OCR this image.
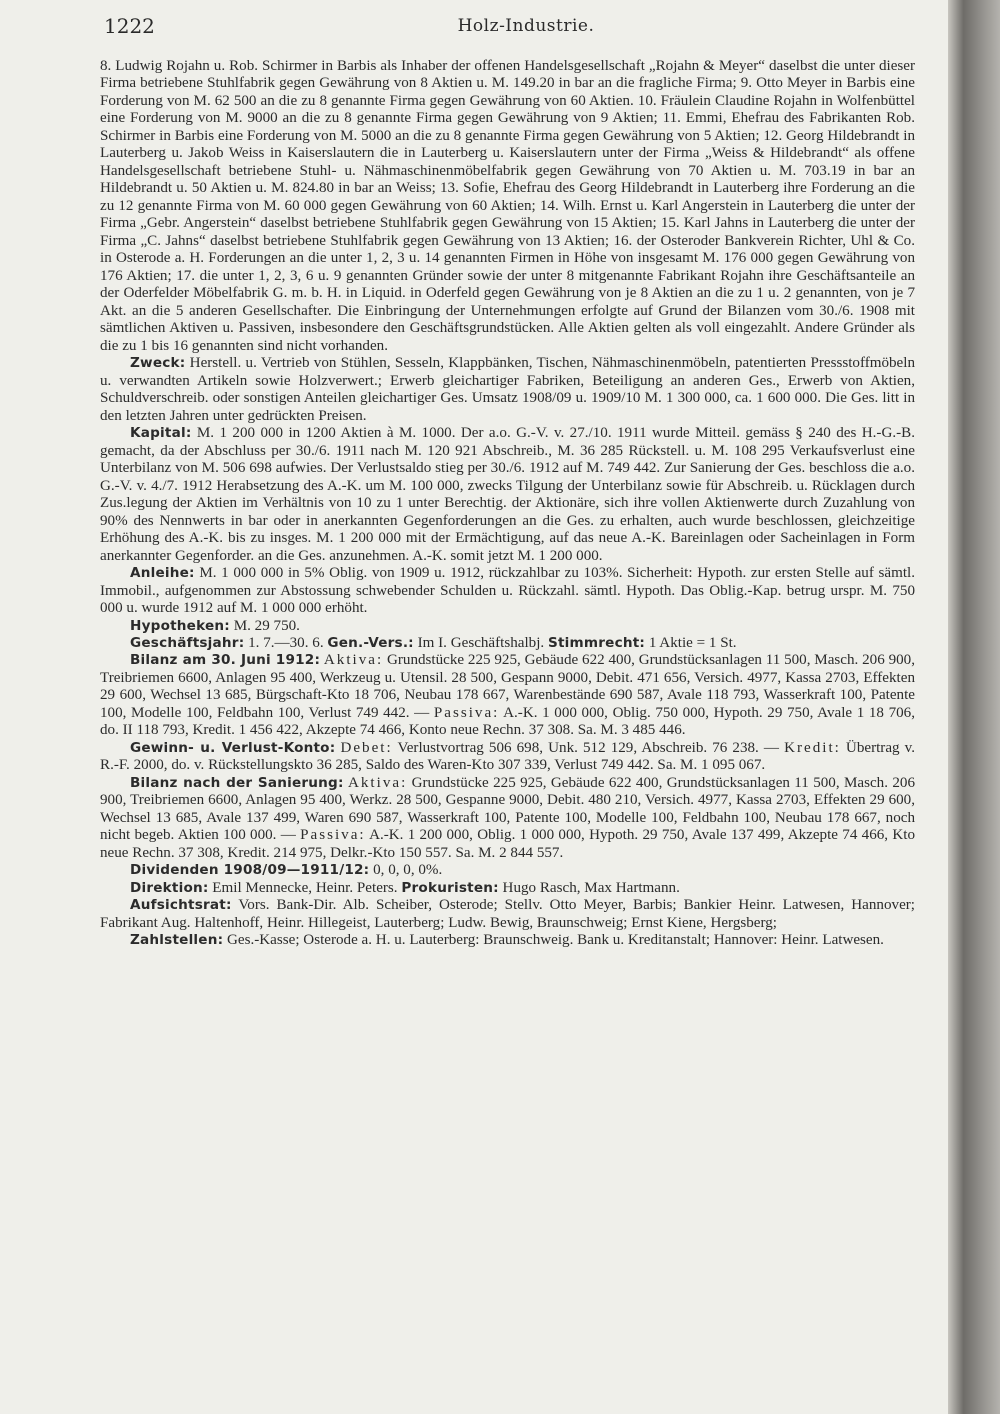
1222	Holz-Industrie.

8. Ludwig Rojahn u. Rob. Schirmer in Barbis als Inhaber der offenen Handelsgesellschaft „Rojahn & Meyer“ daselbst die unter dieser Firma betriebene Stuhlfabrik gegen Gewährung von 8 Aktien u. M. 149.20 in bar an die fragliche Firma; 9. Otto Meyer in Barbis eine Forderung von M. 62 500 an die zu 8 genannte Firma gegen Gewährung von 60 Aktien. 10. Fräulein Claudine Rojahn in Wolfenbüttel eine Forderung von M. 9000 an die zu 8 genannte Firma gegen Gewährung von 9 Aktien; 11. Emmi, Ehefrau des Fabrikanten Rob. Schirmer in Barbis eine Forderung von M. 5000 an die zu 8 genannte Firma gegen Gewährung von 5 Aktien; 12. Georg Hildebrandt in Lauterberg u. Jakob Weiss in Kaiserslautern die in Lauterberg u. Kaiserslautern unter der Firma „Weiss & Hildebrandt“ als offene Handelsgesellschaft betriebene Stuhl- u. Nähmaschinenmöbelfabrik gegen Gewährung von 70 Aktien u. M. 703.19 in bar an Hildebrandt u. 50 Aktien u. M. 824.80 in bar an Weiss; 13. Sofie, Ehefrau des Georg Hildebrandt in Lauterberg ihre Forderung an die zu 12 genannte Firma von M. 60 000 gegen Gewährung von 60 Aktien; 14. Wilh. Ernst u. Karl Angerstein in Lauterberg die unter der Firma „Gebr. Angerstein“ daselbst betriebene Stuhlfabrik gegen Gewährung von 15 Aktien; 15. Karl Jahns in Lauterberg die unter der Firma „C. Jahns“ daselbst betriebene Stuhlfabrik gegen Gewährung von 13 Aktien; 16. der Osteroder Bankverein Richter, Uhl & Co. in Osterode a. H. Forderungen an die unter 1, 2, 3 u. 14 genannten Firmen in Höhe von insgesamt M. 176 000 gegen Gewährung von 176 Aktien; 17. die unter 1, 2, 3, 6 u. 9 genannten Gründer sowie der unter 8 mitgenannte Fabrikant Rojahn ihre Geschäftsanteile an der Oderfelder Möbelfabrik G. m. b. H. in Liquid. in Oderfeld gegen Gewährung von je 8 Aktien an die zu 1 u. 2 genannten, von je 7 Akt. an die 5 anderen Gesellschafter. Die Einbringung der Unternehmungen erfolgte auf Grund der Bilanzen vom 30./6. 1908 mit sämtlichen Aktiven u. Passiven, insbesondere den Geschäftsgrundstücken. Alle Aktien gelten als voll eingezahlt. Andere Gründer als die zu 1 bis 16 genannten sind nicht vorhanden.

Zweck: Herstell. u. Vertrieb von Stühlen, Sesseln, Klappbänken, Tischen, Nähmaschinenmöbeln, patentierten Pressstoffmöbeln u. verwandten Artikeln sowie Holzverwert.; Erwerb gleichartiger Fabriken, Beteiligung an anderen Ges., Erwerb von Aktien, Schuldverschreib. oder sonstigen Anteilen gleichartiger Ges. Umsatz 1908/09 u. 1909/10 M. 1 300 000, ca. 1 600 000. Die Ges. litt in den letzten Jahren unter gedrückten Preisen.

Kapital: M. 1 200 000 in 1200 Aktien à M. 1000. Der a.o. G.-V. v. 27./10. 1911 wurde Mitteil. gemäss § 240 des H.-G.-B. gemacht, da der Abschluss per 30./6. 1911 nach M. 120 921 Abschreib., M. 36 285 Rückstell. u. M. 108 295 Verkaufsverlust eine Unterbilanz von M. 506 698 aufwies. Der Verlustsaldo stieg per 30./6. 1912 auf M. 749 442. Zur Sanierung der Ges. beschloss die a.o. G.-V. v. 4./7. 1912 Herabsetzung des A.-K. um M. 100 000, zwecks Tilgung der Unterbilanz sowie für Abschreib. u. Rücklagen durch Zus.legung der Aktien im Verhältnis von 10 zu 1 unter Berechtig. der Aktionäre, sich ihre vollen Aktienwerte durch Zuzahlung von 90% des Nennwerts in bar oder in anerkannten Gegenforderungen an die Ges. zu erhalten, auch wurde beschlossen, gleichzeitige Erhöhung des A.-K. bis zu insges. M. 1 200 000 mit der Ermächtigung, auf das neue A.-K. Bareinlagen oder Sacheinlagen in Form anerkannter Gegenforder. an die Ges. anzunehmen. A.-K. somit jetzt M. 1 200 000.

Anleihe: M. 1 000 000 in 5% Oblig. von 1909 u. 1912, rückzahlbar zu 103%. Sicherheit: Hypoth. zur ersten Stelle auf sämtl. Immobil., aufgenommen zur Abstossung schwebender Schulden u. Rückzahl. sämtl. Hypoth. Das Oblig.-Kap. betrug urspr. M. 750 000 u. wurde 1912 auf M. 1 000 000 erhöht.

Hypotheken: M. 29 750.

Geschäftsjahr: 1. 7.—30. 6. Gen.-Vers.: Im I. Geschäftshalbj. Stimmrecht: 1 Aktie = 1 St.

Bilanz am 30. Juni 1912: Aktiva: Grundstücke 225 925, Gebäude 622 400, Grundstücksanlagen 11 500, Masch. 206 900, Treibriemen 6600, Anlagen 95 400, Werkzeug u. Utensil. 28 500, Gespann 9000, Debit. 471 656, Versich. 4977, Kassa 2703, Effekten 29 600, Wechsel 13 685, Bürgschaft-Kto 18 706, Neubau 178 667, Warenbestände 690 587, Avale 118 793, Wasserkraft 100, Patente 100, Modelle 100, Feldbahn 100, Verlust 749 442. — Passiva: A.-K. 1 000 000, Oblig. 750 000, Hypoth. 29 750, Avale 1 18 706, do. II 118 793, Kredit. 1 456 422, Akzepte 74 466, Konto neue Rechn. 37 308. Sa. M. 3 485 446.

Gewinn- u. Verlust-Konto: Debet: Verlustvortrag 506 698, Unk. 512 129, Abschreib. 76 238. — Kredit: Übertrag v. R.-F. 2000, do. v. Rückstellungskto 36 285, Saldo des Waren-Kto 307 339, Verlust 749 442. Sa. M. 1 095 067.

Bilanz nach der Sanierung: Aktiva: Grundstücke 225 925, Gebäude 622 400, Grundstücksanlagen 11 500, Masch. 206 900, Treibriemen 6600, Anlagen 95 400, Werkz. 28 500, Gespanne 9000, Debit. 480 210, Versich. 4977, Kassa 2703, Effekten 29 600, Wechsel 13 685, Avale 137 499, Waren 690 587, Wasserkraft 100, Patente 100, Modelle 100, Feldbahn 100, Neubau 178 667, noch nicht begeb. Aktien 100 000. — Passiva: A.-K. 1 200 000, Oblig. 1 000 000, Hypoth. 29 750, Avale 137 499, Akzepte 74 466, Kto neue Rechn. 37 308, Kredit. 214 975, Delkr.-Kto 150 557. Sa. M. 2 844 557.

Dividenden 1908/09—1911/12: 0, 0, 0, 0%.

Direktion: Emil Mennecke, Heinr. Peters. Prokuristen: Hugo Rasch, Max Hartmann.

Aufsichtsrat: Vors. Bank-Dir. Alb. Scheiber, Osterode; Stellv. Otto Meyer, Barbis; Bankier Heinr. Latwesen, Hannover; Fabrikant Aug. Haltenhoff, Heinr. Hillegeist, Lauterberg; Ludw. Bewig, Braunschweig; Ernst Kiene, Hergsberg;

Zahlstellen: Ges.-Kasse; Osterode a. H. u. Lauterberg: Braunschweig. Bank u. Kreditanstalt; Hannover: Heinr. Latwesen.
